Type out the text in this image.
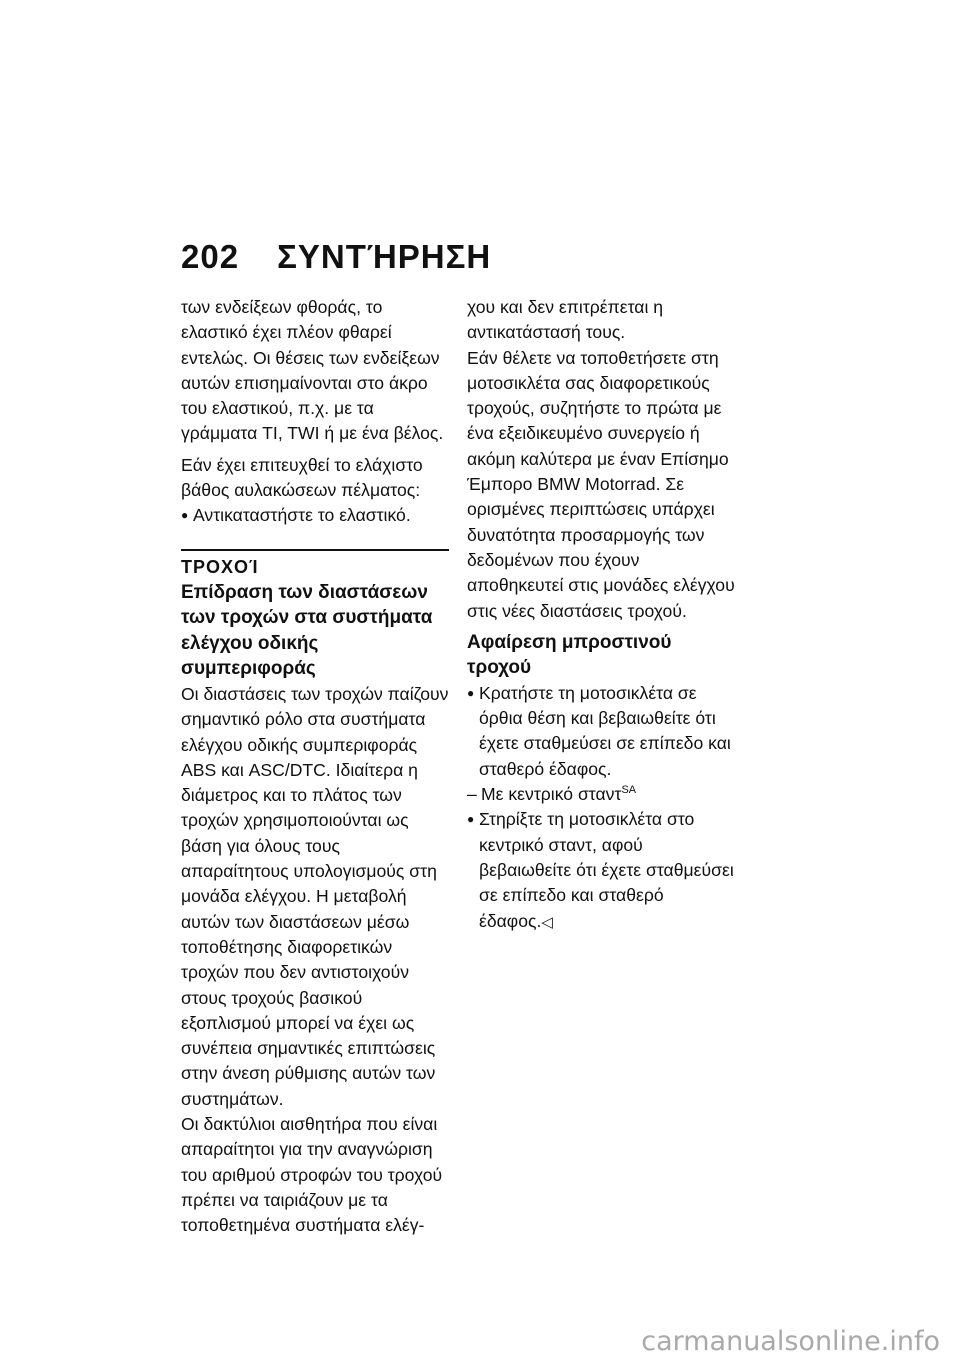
202 ΣΥΝΤΉΡΗΣΗ

των ενδείξεων φθοράς, το ελαστικό έχει πλέον φθαρεί εντελώς. Οι θέσεις των ενδείξεων αυτών επισημαίνονται στο άκρο του ελαστικού, π.χ. με τα γράμματα TI, TWI ή με ένα βέλος.

Εάν έχει επιτευχθεί το ελάχιστο βάθος αυλακώσεων πέλματος:

● Αντικαταστήστε το ελαστικό.

ΤΡΟΧΟΊ

Επίδραση των διαστάσεων των τροχών στα συστήματα ελέγχου οδικής συμπεριφοράς

Οι διαστάσεις των τροχών παίζουν σημαντικό ρόλο στα συστήματα ελέγχου οδικής συμπεριφοράς ABS και ASC/DTC. Ιδιαίτερα η διάμετρος και το πλάτος των τροχών χρησιμοποιούνται ως βάση για όλους τους απαραίτητους υπολογισμούς στη μονάδα ελέγχου. Η μεταβολή αυτών των διαστάσεων μέσω τοποθέτησης διαφορετικών τροχών που δεν αντιστοιχούν στους τροχούς βασικού εξοπλισμού μπορεί να έχει ως συνέπεια σημαντικές επιπτώσεις στην άνεση ρύθμισης αυτών των συστημάτων.

Οι δακτύλιοι αισθητήρα που είναι απαραίτητοι για την αναγνώριση του αριθμού στροφών του τροχού πρέπει να ταιριάζουν με τα τοποθετημένα συστήματα ελέγ-

χου και δεν επιτρέπεται η αντικατάστασή τους.

Εάν θέλετε να τοποθετήσετε στη μοτοσικλέτα σας διαφορετικούς τροχούς, συζητήστε το πρώτα με ένα εξειδικευμένο συνεργείο ή ακόμη καλύτερα με έναν Επίσημο Έμπορο BMW Motorrad. Σε ορισμένες περιπτώσεις υπάρχει δυνατότητα προσαρμογής των δεδομένων που έχουν αποθηκευτεί στις μονάδες ελέγχου στις νέες διαστάσεις τροχού.

Αφαίρεση μπροστινού τροχού

● Κρατήστε τη μοτοσικλέτα σε όρθια θέση και βεβαιωθείτε ότι έχετε σταθμεύσει σε επίπεδο και σταθερό έδαφος.
– Με κεντρικό σταντ$^{SA}$
● Στηρίξτε τη μοτοσικλέτα στο κεντρικό σταντ, αφού βεβαιωθείτε ότι έχετε σταθμεύσει σε επίπεδο και σταθερό έδαφος.◁
carmanualsonline.info
